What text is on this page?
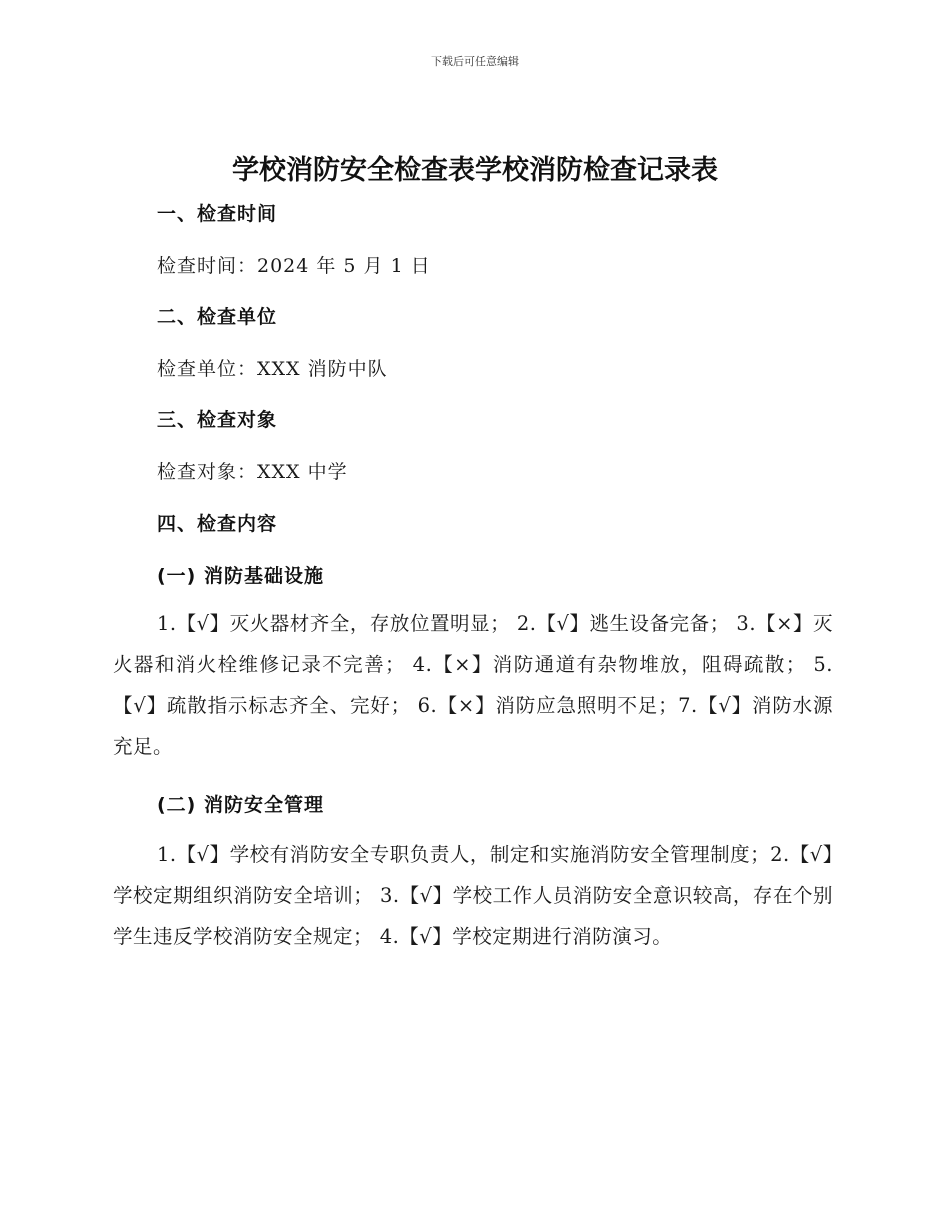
下载后可任意编辑
学校消防安全检查表学校消防检查记录表
一、检查时间
检查时间：2024 年 5 月 1 日
二、检查单位
检查单位：XXX 消防中队
三、检查对象
检查对象：XXX 中学
四、检查内容
(一) 消防基础设施
1.【√】灭火器材齐全，存放位置明显； 2.【√】逃生设备完备； 3.【×】灭火器和消火栓维修记录不完善； 4.【×】消防通道有杂物堆放，阻碍疏散； 5.【√】疏散指示标志齐全、完好； 6.【×】消防应急照明不足；7.【√】消防水源充足。
(二) 消防安全管理
1.【√】学校有消防安全专职负责人，制定和实施消防安全管理制度；2.【√】学校定期组织消防安全培训； 3.【√】学校工作人员消防安全意识较高，存在个别学生违反学校消防安全规定； 4.【√】学校定期进行消防演习。
